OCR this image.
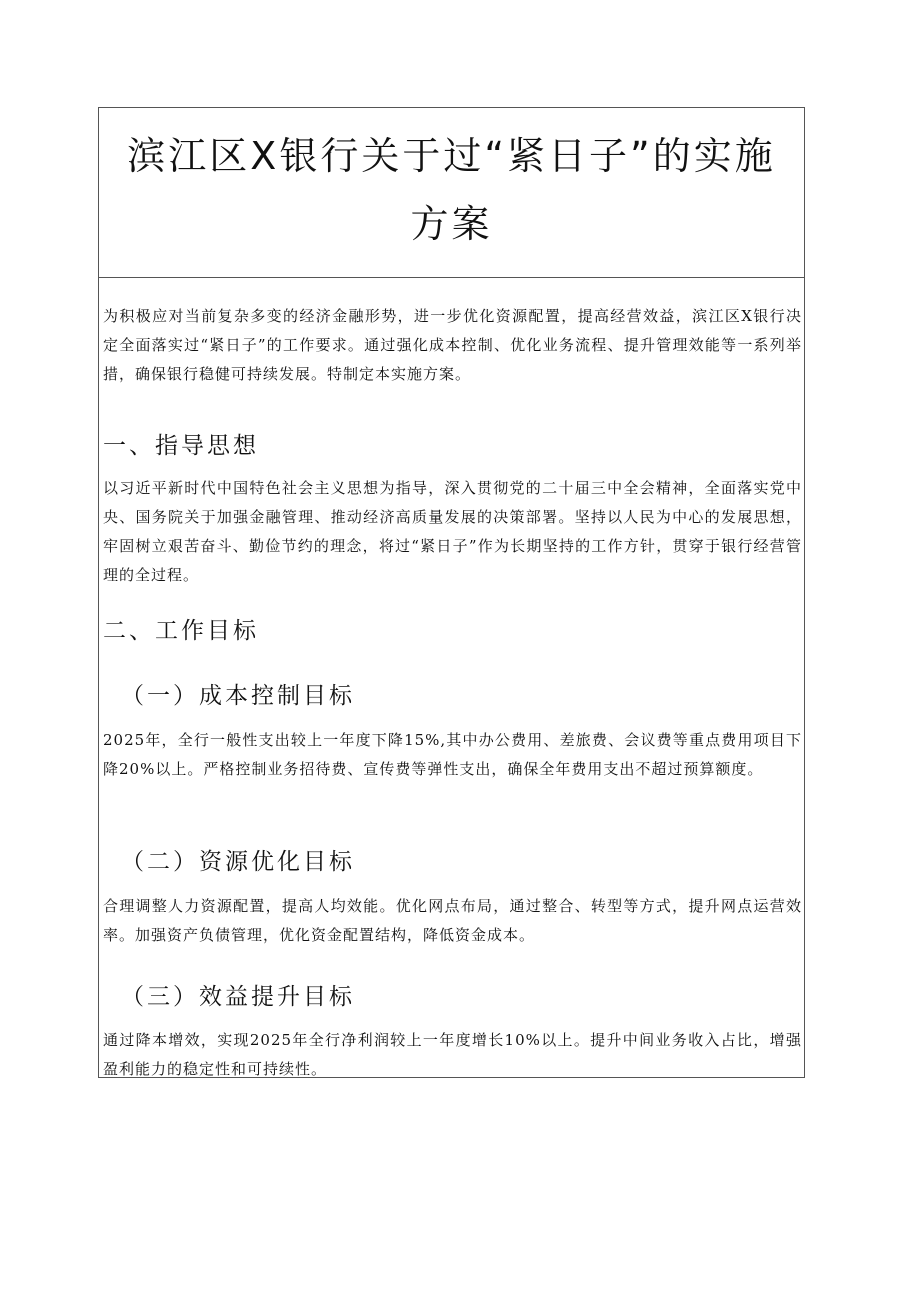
滨江区X银行关于过“紧日子”的实施方案

为积极应对当前复杂多变的经济金融形势，进一步优化资源配置，提高经营效益，滨江区X银行决定全面落实过“紧日子”的工作要求。通过强化成本控制、优化业务流程、提升管理效能等一系列举措，确保银行稳健可持续发展。特制定本实施方案。

一、指导思想

以习近平新时代中国特色社会主义思想为指导，深入贯彻党的二十届三中全会精神，全面落实党中央、国务院关于加强金融管理、推动经济高质量发展的决策部署。坚持以人民为中心的发展思想，牢固树立艰苦奋斗、勤俭节约的理念，将过“紧日子”作为长期坚持的工作方针，贯穿于银行经营管理的全过程。

二、工作目标
（一）成本控制目标

2025年，全行一般性支出较上一年度下降15%,其中办公费用、差旅费、会议费等重点费用项目下降20%以上。严格控制业务招待费、宣传费等弹性支出，确保全年费用支出不超过预算额度。

（二）资源优化目标

合理调整人力资源配置，提高人均效能。优化网点布局，通过整合、转型等方式，提升网点运营效率。加强资产负债管理，优化资金配置结构，降低资金成本。

（三）效益提升目标

通过降本增效，实现2025年全行净利润较上一年度增长10%以上。提升中间业务收入占比，增强盈利能力的稳定性和可持续性。
